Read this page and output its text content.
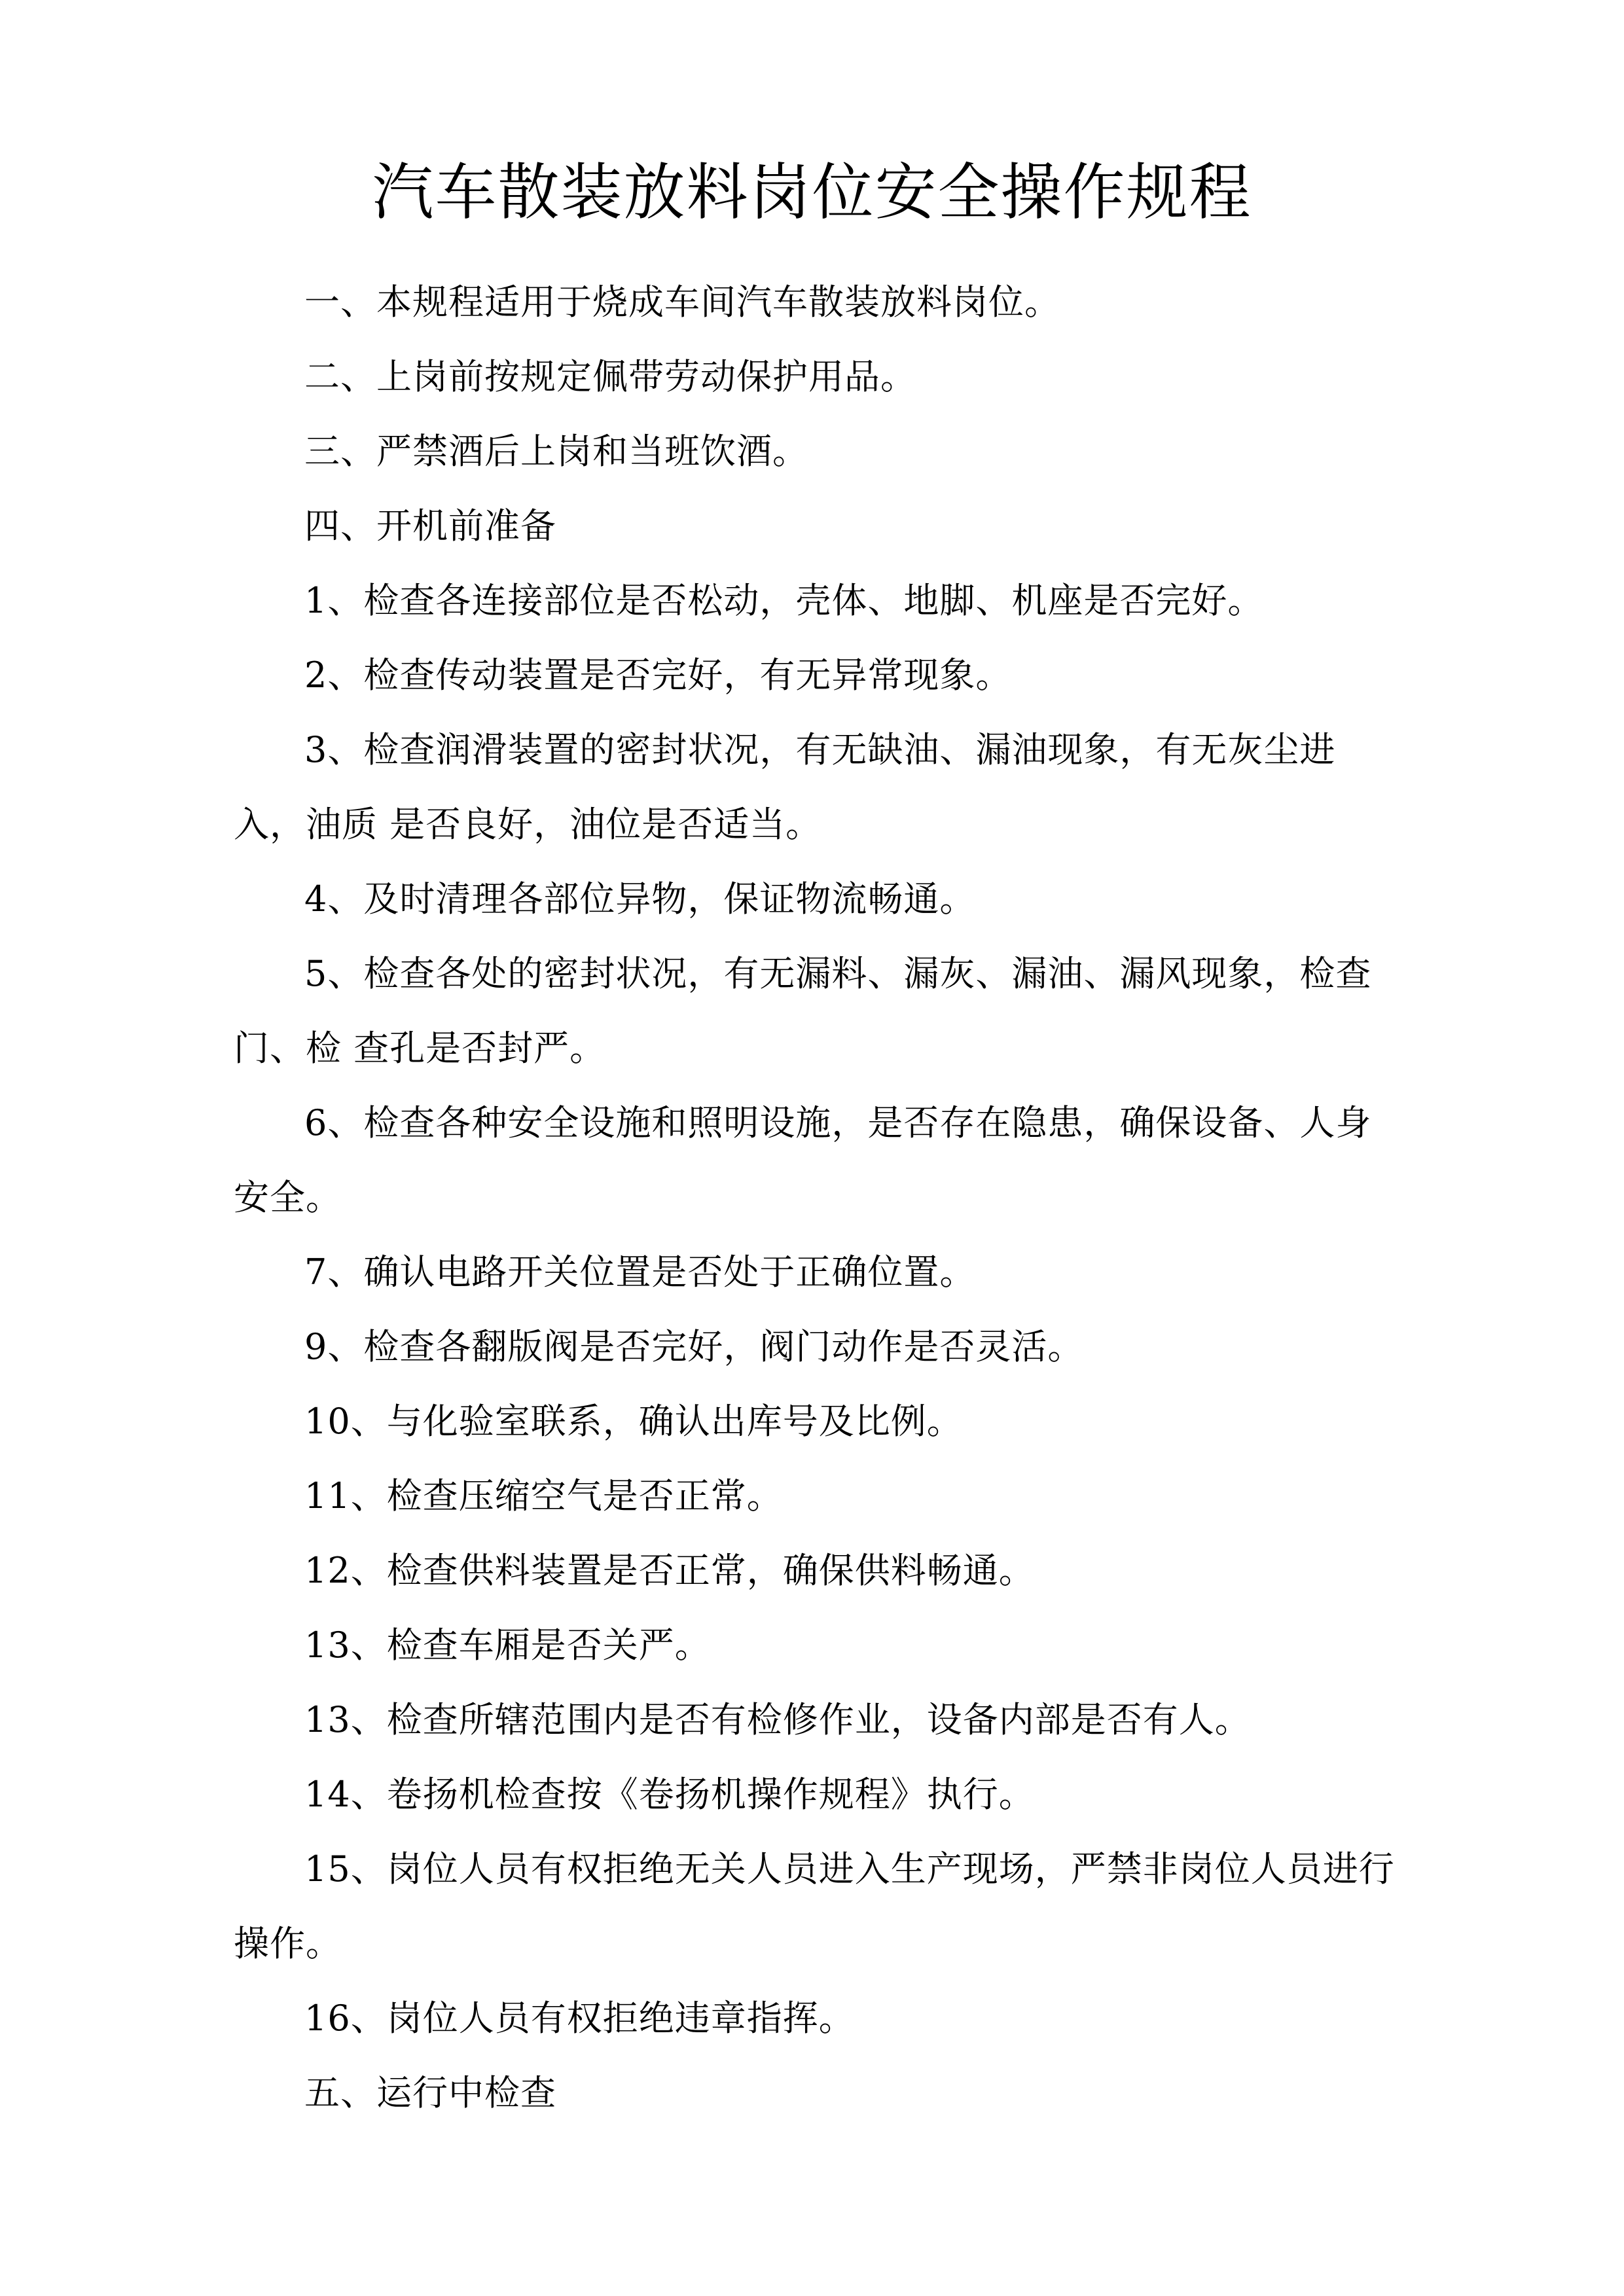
汽车散装放料岗位安全操作规程

一、本规程适用于烧成车间汽车散装放料岗位。

二、上岗前按规定佩带劳动保护用品。

三、严禁酒后上岗和当班饮酒。

四、开机前准备

1、检查各连接部位是否松动，壳体、地脚、机座是否完好。

2、检查传动装置是否完好，有无异常现象。

3、检查润滑装置的密封状况，有无缺油、漏油现象，有无灰尘进入，油质 是否良好，油位是否适当。

4、及时清理各部位异物，保证物流畅通。

5、检查各处的密封状况，有无漏料、漏灰、漏油、漏风现象，检查门、检 查孔是否封严。

6、检查各种安全设施和照明设施，是否存在隐患，确保设备、人身安全。

7、确认电路开关位置是否处于正确位置。

9、检查各翻版阀是否完好，阀门动作是否灵活。

10、与化验室联系，确认出库号及比例。

11、检查压缩空气是否正常。

12、检查供料装置是否正常，确保供料畅通。

13、检查车厢是否关严。

13、检查所辖范围内是否有检修作业，设备内部是否有人。

14、卷扬机检查按《卷扬机操作规程》执行。

15、岗位人员有权拒绝无关人员进入生产现场，严禁非岗位人员进行操作。

16、岗位人员有权拒绝违章指挥。

五、运行中检查
